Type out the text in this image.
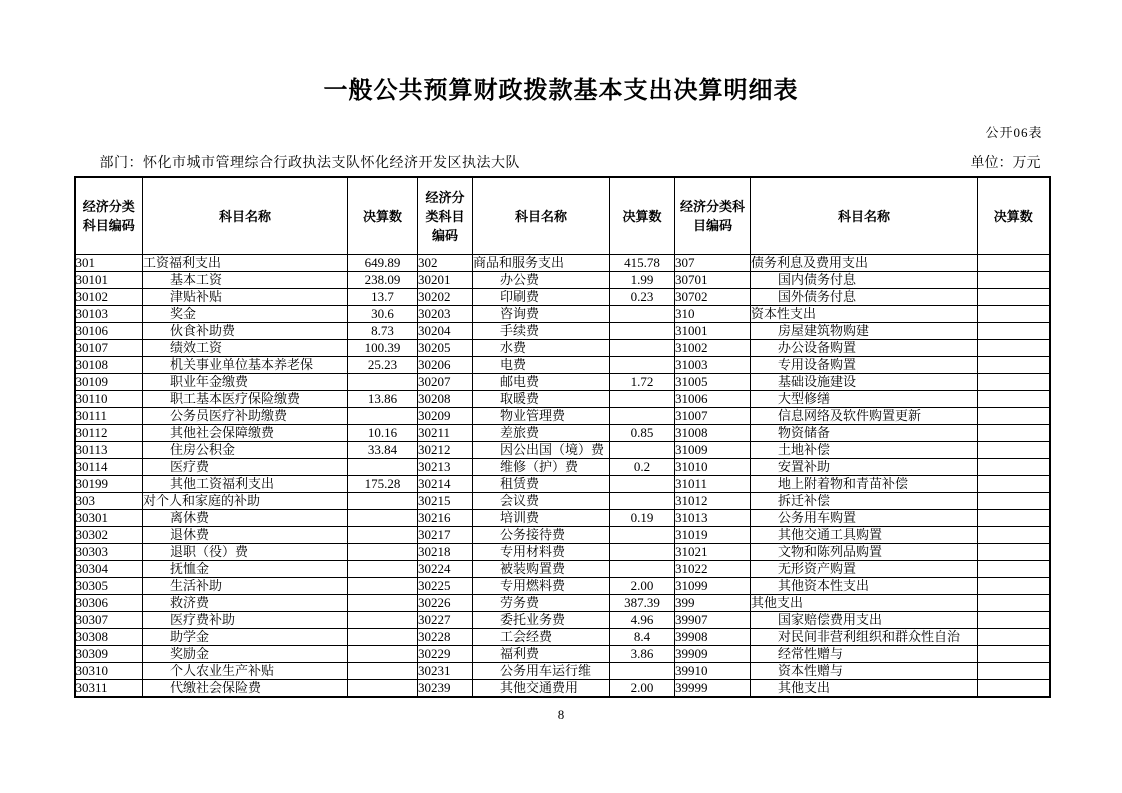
一般公共预算财政拨款基本支出决算明细表
公开06表
部门：怀化市城市管理综合行政执法支队怀化经济开发区执法大队	单位：万元
经济分类科目编码	科目名称	决算数	经济分类科目编码	科目名称	决算数	经济分类科目编码	科目名称	决算数
301	工资福利支出	649.89	302	商品和服务支出	415.78	307	债务利息及费用支出	
30101	基本工资	238.09	30201	办公费	1.99	30701	国内债务付息	
30102	津贴补贴	13.7	30202	印刷费	0.23	30702	国外债务付息	
30103	奖金	30.6	30203	咨询费		310	资本性支出	
30106	伙食补助费	8.73	30204	手续费		31001	房屋建筑物购建	
30107	绩效工资	100.39	30205	水费		31002	办公设备购置	
30108	机关事业单位基本养老保	25.23	30206	电费		31003	专用设备购置	
30109	职业年金缴费		30207	邮电费	1.72	31005	基础设施建设	
30110	职工基本医疗保险缴费	13.86	30208	取暖费		31006	大型修缮	
30111	公务员医疗补助缴费		30209	物业管理费		31007	信息网络及软件购置更新	
30112	其他社会保障缴费	10.16	30211	差旅费	0.85	31008	物资储备	
30113	住房公积金	33.84	30212	因公出国（境）费		31009	土地补偿	
30114	医疗费		30213	维修（护）费	0.2	31010	安置补助	
30199	其他工资福利支出	175.28	30214	租赁费		31011	地上附着物和青苗补偿	
303	对个人和家庭的补助		30215	会议费		31012	拆迁补偿	
30301	离休费		30216	培训费	0.19	31013	公务用车购置	
30302	退休费		30217	公务接待费		31019	其他交通工具购置	
30303	退职（役）费		30218	专用材料费		31021	文物和陈列品购置	
30304	抚恤金		30224	被装购置费		31022	无形资产购置	
30305	生活补助		30225	专用燃料费	2.00	31099	其他资本性支出	
30306	救济费		30226	劳务费	387.39	399	其他支出	
30307	医疗费补助		30227	委托业务费	4.96	39907	国家赔偿费用支出	
30308	助学金		30228	工会经费	8.4	39908	对民间非营利组织和群众性自治	
30309	奖励金		30229	福利费	3.86	39909	经常性赠与	
30310	个人农业生产补贴		30231	公务用车运行维		39910	资本性赠与	
30311	代缴社会保险费		30239	其他交通费用	2.00	39999	其他支出	
8
